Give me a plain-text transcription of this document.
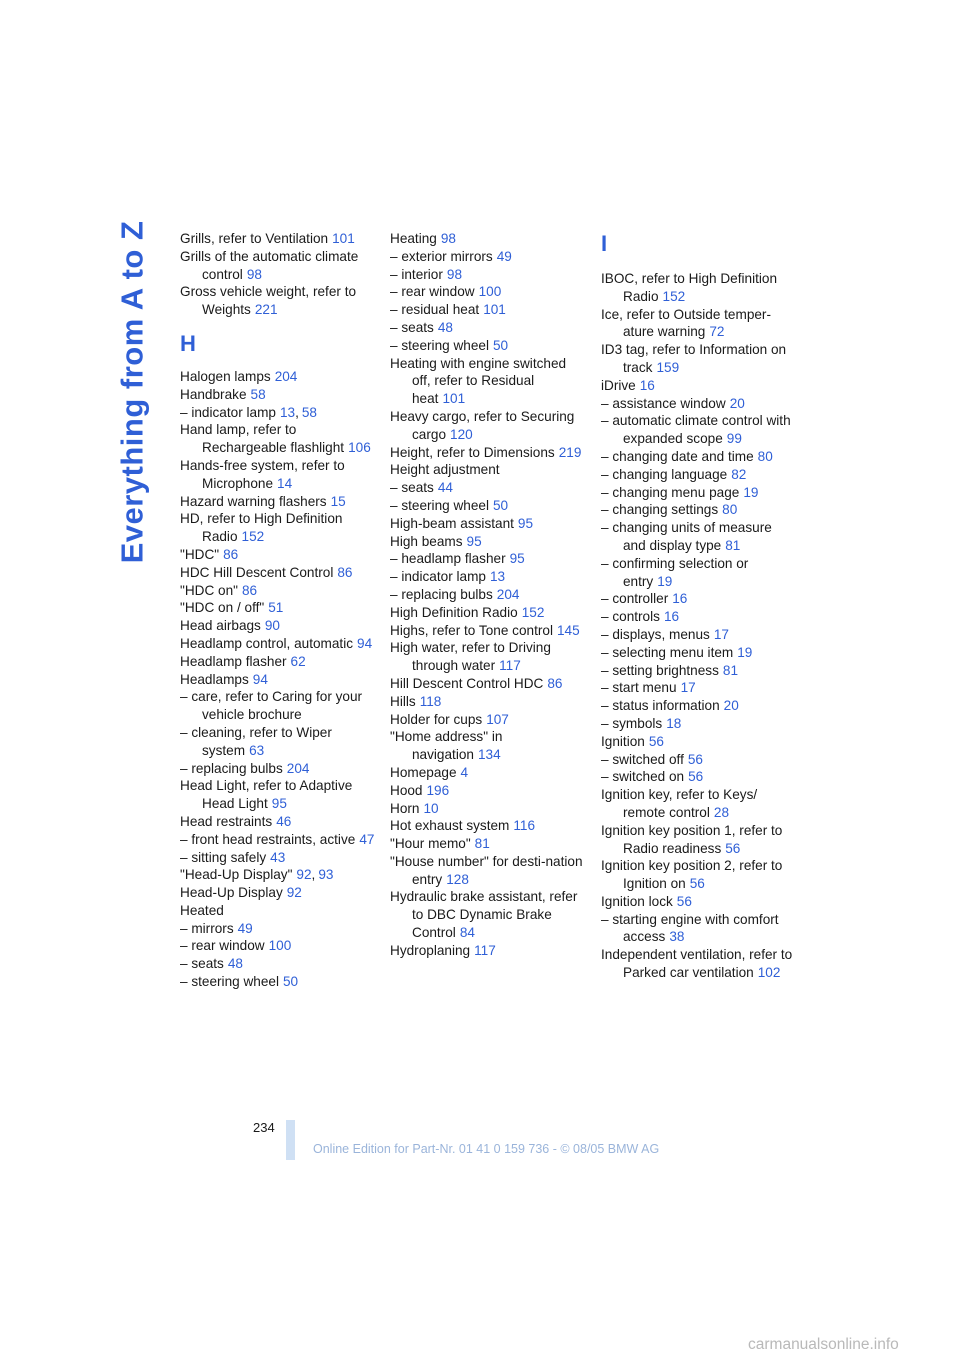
Everything from A to Z Grills, refer to Ventilation 101
Grills of the automatic climate control 98
Gross vehicle weight, refer to Weights 221
H
Halogen lamps 204
Handbrake 58
– indicator lamp 13, 58
Hand lamp, refer to Rechargeable flashlight 106
Hands-free system, refer to Microphone 14
Hazard warning flashers 15
HD, refer to High Definition Radio 152
"HDC" 86
HDC Hill Descent Control 86
"HDC on" 86
"HDC on / off" 51
Head airbags 90
Headlamp control, automatic 94
Headlamp flasher 62
Headlamps 94
– care, refer to Caring for your vehicle brochure
– cleaning, refer to Wiper system 63
– replacing bulbs 204
Head Light, refer to Adaptive Head Light 95
Head restraints 46
– front head restraints, active 47
– sitting safely 43
"Head-Up Display" 92, 93
Head-Up Display 92
Heated
– mirrors 49
– rear window 100
– seats 48
– steering wheel 50
Heating 98
– exterior mirrors 49
– interior 98
– rear window 100
– residual heat 101
– seats 48
– steering wheel 50
Heating with engine switched off, refer to Residual heat 101
Heavy cargo, refer to Securing cargo 120
Height, refer to Dimensions 219
Height adjustment
– seats 44
– steering wheel 50
High-beam assistant 95
High beams 95
– headlamp flasher 95
– indicator lamp 13
– replacing bulbs 204
High Definition Radio 152
Highs, refer to Tone control 145
High water, refer to Driving through water 117
Hill Descent Control HDC 86
Hills 118
Holder for cups 107
"Home address" in navigation 134
Homepage 4
Hood 196
Horn 10
Hot exhaust system 116
"Hour memo" 81
"House number" for desti-nation entry 128
Hydraulic brake assistant, refer to DBC Dynamic Brake Control 84
Hydroplaning 117
I
IBOC, refer to High Definition Radio 152
Ice, refer to Outside temper-ature warning 72
ID3 tag, refer to Information on track 159
iDrive 16
– assistance window 20
– automatic climate control with expanded scope 99
– changing date and time 80
– changing language 82
– changing menu page 19
– changing settings 80
– changing units of measure and display type 81
– confirming selection or entry 19
– controller 16
– controls 16
– displays, menus 17
– selecting menu item 19
– setting brightness 81
– start menu 17
– status information 20
– symbols 18
Ignition 56
– switched off 56
– switched on 56
Ignition key, refer to Keys/ remote control 28
Ignition key position 1, refer to Radio readiness 56
Ignition key position 2, refer to Ignition on 56
Ignition lock 56
– starting engine with comfort access 38
Independent ventilation, refer to Parked car ventilation 102
234
Online Edition for Part-Nr. 01 41 0 159 736 - © 08/05 BMW AG
carmanualsonline.info
